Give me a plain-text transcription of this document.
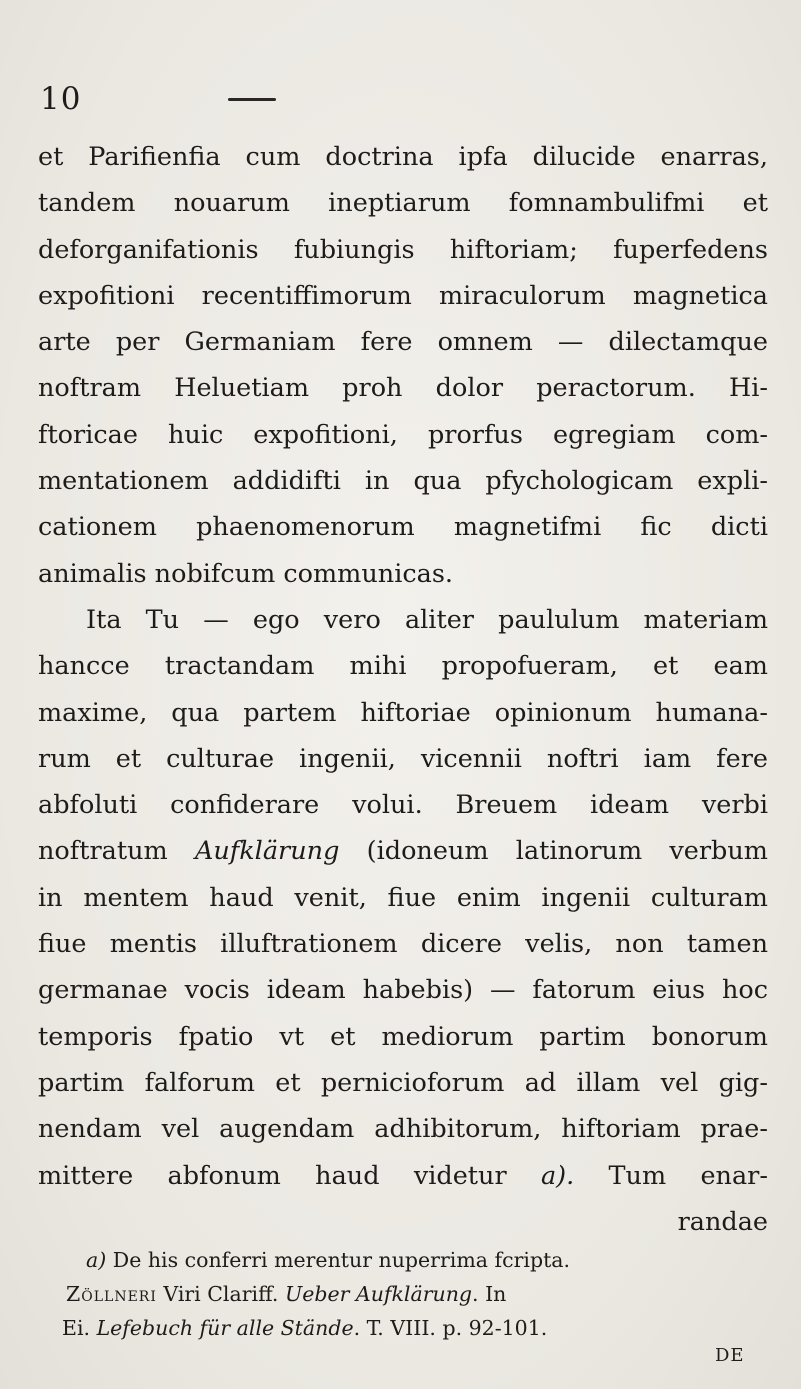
10
et Parifienfia cum doctrina ipfa dilucide enarras,
tandem nouarum ineptiarum fomnambulifmi et
deforganifationis fubiungis hiftoriam; fuperfedens
expofitioni recentiffimorum miraculorum magnetica
arte per Germaniam fere omnem — dilectamque
noftram Heluetiam proh dolor peractorum. Hi-
ftoricae huic expofitioni, prorfus egregiam com-
mentationem addidifti in qua pfychologicam expli-
cationem phaenomenorum magnetifmi fic dicti
animalis nobifcum communicas.
Ita Tu — ego vero aliter paululum materiam
hancce tractandam mihi propofueram, et eam
maxime, qua partem hiftoriae opinionum humana-
rum et culturae ingenii, vicennii noftri iam fere
abfoluti confiderare volui. Breuem ideam verbi
noftratum Aufklärung (idoneum latinorum verbum
in mentem haud venit, fiue enim ingenii culturam
fiue mentis illuftrationem dicere velis, non tamen
germanae vocis ideam habebis) — fatorum eius hoc
temporis fpatio vt et mediorum partim bonorum
partim falforum et pernicioforum ad illam vel gig-
nendam vel augendam adhibitorum, hiftoriam prae-
mittere abfonum haud videtur a). Tum enar-
randae
a) De his conferri merentur nuperrima fcripta.
Zöllneri Viri Clariff. Ueber Aufklärung. In
Ei. Lefebuch für alle Stände. T. VIII. p. 92-101.
DE
